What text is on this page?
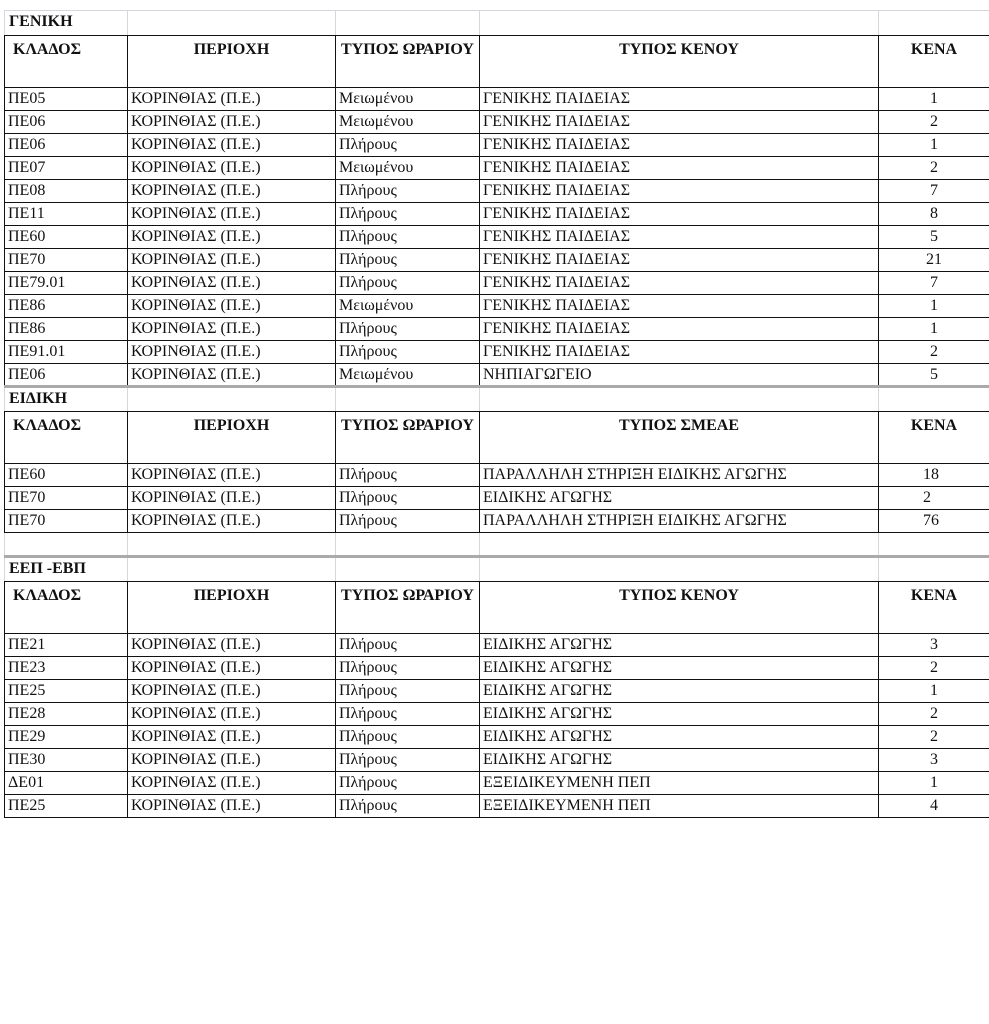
ΓΕΝΙΚΗ				
ΚΛΑΔΟΣ	ΠΕΡΙΟΧΗ	ΤΥΠΟΣ ΩΡΑΡΙΟΥ	ΤΥΠΟΣ ΚΕΝΟΥ	ΚΕΝΑ
ΠΕ05	ΚΟΡΙΝΘΙΑΣ (Π.Ε.)	Μειωμένου	ΓΕΝΙΚΗΣ ΠΑΙΔΕΙΑΣ	1
ΠΕ06	ΚΟΡΙΝΘΙΑΣ (Π.Ε.)	Μειωμένου	ΓΕΝΙΚΗΣ ΠΑΙΔΕΙΑΣ	2
ΠΕ06	ΚΟΡΙΝΘΙΑΣ (Π.Ε.)	Πλήρους	ΓΕΝΙΚΗΣ ΠΑΙΔΕΙΑΣ	1
ΠΕ07	ΚΟΡΙΝΘΙΑΣ (Π.Ε.)	Μειωμένου	ΓΕΝΙΚΗΣ ΠΑΙΔΕΙΑΣ	2
ΠΕ08	ΚΟΡΙΝΘΙΑΣ (Π.Ε.)	Πλήρους	ΓΕΝΙΚΗΣ ΠΑΙΔΕΙΑΣ	7
ΠΕ11	ΚΟΡΙΝΘΙΑΣ (Π.Ε.)	Πλήρους	ΓΕΝΙΚΗΣ ΠΑΙΔΕΙΑΣ	8
ΠΕ60	ΚΟΡΙΝΘΙΑΣ (Π.Ε.)	Πλήρους	ΓΕΝΙΚΗΣ ΠΑΙΔΕΙΑΣ	5
ΠΕ70	ΚΟΡΙΝΘΙΑΣ (Π.Ε.)	Πλήρους	ΓΕΝΙΚΗΣ ΠΑΙΔΕΙΑΣ	21
ΠΕ79.01	ΚΟΡΙΝΘΙΑΣ (Π.Ε.)	Πλήρους	ΓΕΝΙΚΗΣ ΠΑΙΔΕΙΑΣ	7
ΠΕ86	ΚΟΡΙΝΘΙΑΣ (Π.Ε.)	Μειωμένου	ΓΕΝΙΚΗΣ ΠΑΙΔΕΙΑΣ	1
ΠΕ86	ΚΟΡΙΝΘΙΑΣ (Π.Ε.)	Πλήρους	ΓΕΝΙΚΗΣ ΠΑΙΔΕΙΑΣ	1
ΠΕ91.01	ΚΟΡΙΝΘΙΑΣ (Π.Ε.)	Πλήρους	ΓΕΝΙΚΗΣ ΠΑΙΔΕΙΑΣ	2
ΠΕ06	ΚΟΡΙΝΘΙΑΣ (Π.Ε.)	Μειωμένου	ΝΗΠΙΑΓΩΓΕΙΟ	5
ΕΙΔΙΚΗ				
ΚΛΑΔΟΣ	ΠΕΡΙΟΧΗ	ΤΥΠΟΣ ΩΡΑΡΙΟΥ	ΤΥΠΟΣ ΣΜΕΑΕ	ΚΕΝΑ
ΠΕ60	ΚΟΡΙΝΘΙΑΣ (Π.Ε.)	Πλήρους	ΠΑΡΑΛΛΗΛΗ ΣΤΗΡΙΞΗ ΕΙΔΙΚΗΣ ΑΓΩΓΗΣ	18
ΠΕ70	ΚΟΡΙΝΘΙΑΣ (Π.Ε.)	Πλήρους	ΕΙΔΙΚΗΣ ΑΓΩΓΗΣ	2
ΠΕ70	ΚΟΡΙΝΘΙΑΣ (Π.Ε.)	Πλήρους	ΠΑΡΑΛΛΗΛΗ ΣΤΗΡΙΞΗ ΕΙΔΙΚΗΣ ΑΓΩΓΗΣ	76

ΕΕΠ -ΕΒΠ				
ΚΛΑΔΟΣ	ΠΕΡΙΟΧΗ	ΤΥΠΟΣ ΩΡΑΡΙΟΥ	ΤΥΠΟΣ ΚΕΝΟΥ	ΚΕΝΑ
ΠΕ21	ΚΟΡΙΝΘΙΑΣ (Π.Ε.)	Πλήρους	ΕΙΔΙΚΗΣ ΑΓΩΓΗΣ	3
ΠΕ23	ΚΟΡΙΝΘΙΑΣ (Π.Ε.)	Πλήρους	ΕΙΔΙΚΗΣ ΑΓΩΓΗΣ	2
ΠΕ25	ΚΟΡΙΝΘΙΑΣ (Π.Ε.)	Πλήρους	ΕΙΔΙΚΗΣ ΑΓΩΓΗΣ	1
ΠΕ28	ΚΟΡΙΝΘΙΑΣ (Π.Ε.)	Πλήρους	ΕΙΔΙΚΗΣ ΑΓΩΓΗΣ	2
ΠΕ29	ΚΟΡΙΝΘΙΑΣ (Π.Ε.)	Πλήρους	ΕΙΔΙΚΗΣ ΑΓΩΓΗΣ	2
ΠΕ30	ΚΟΡΙΝΘΙΑΣ (Π.Ε.)	Πλήρους	ΕΙΔΙΚΗΣ ΑΓΩΓΗΣ	3
ΔΕ01	ΚΟΡΙΝΘΙΑΣ (Π.Ε.)	Πλήρους	ΕΞΕΙΔΙΚΕΥΜΕΝΗ ΠΕΠ	1
ΠΕ25	ΚΟΡΙΝΘΙΑΣ (Π.Ε.)	Πλήρους	ΕΞΕΙΔΙΚΕΥΜΕΝΗ ΠΕΠ	4
